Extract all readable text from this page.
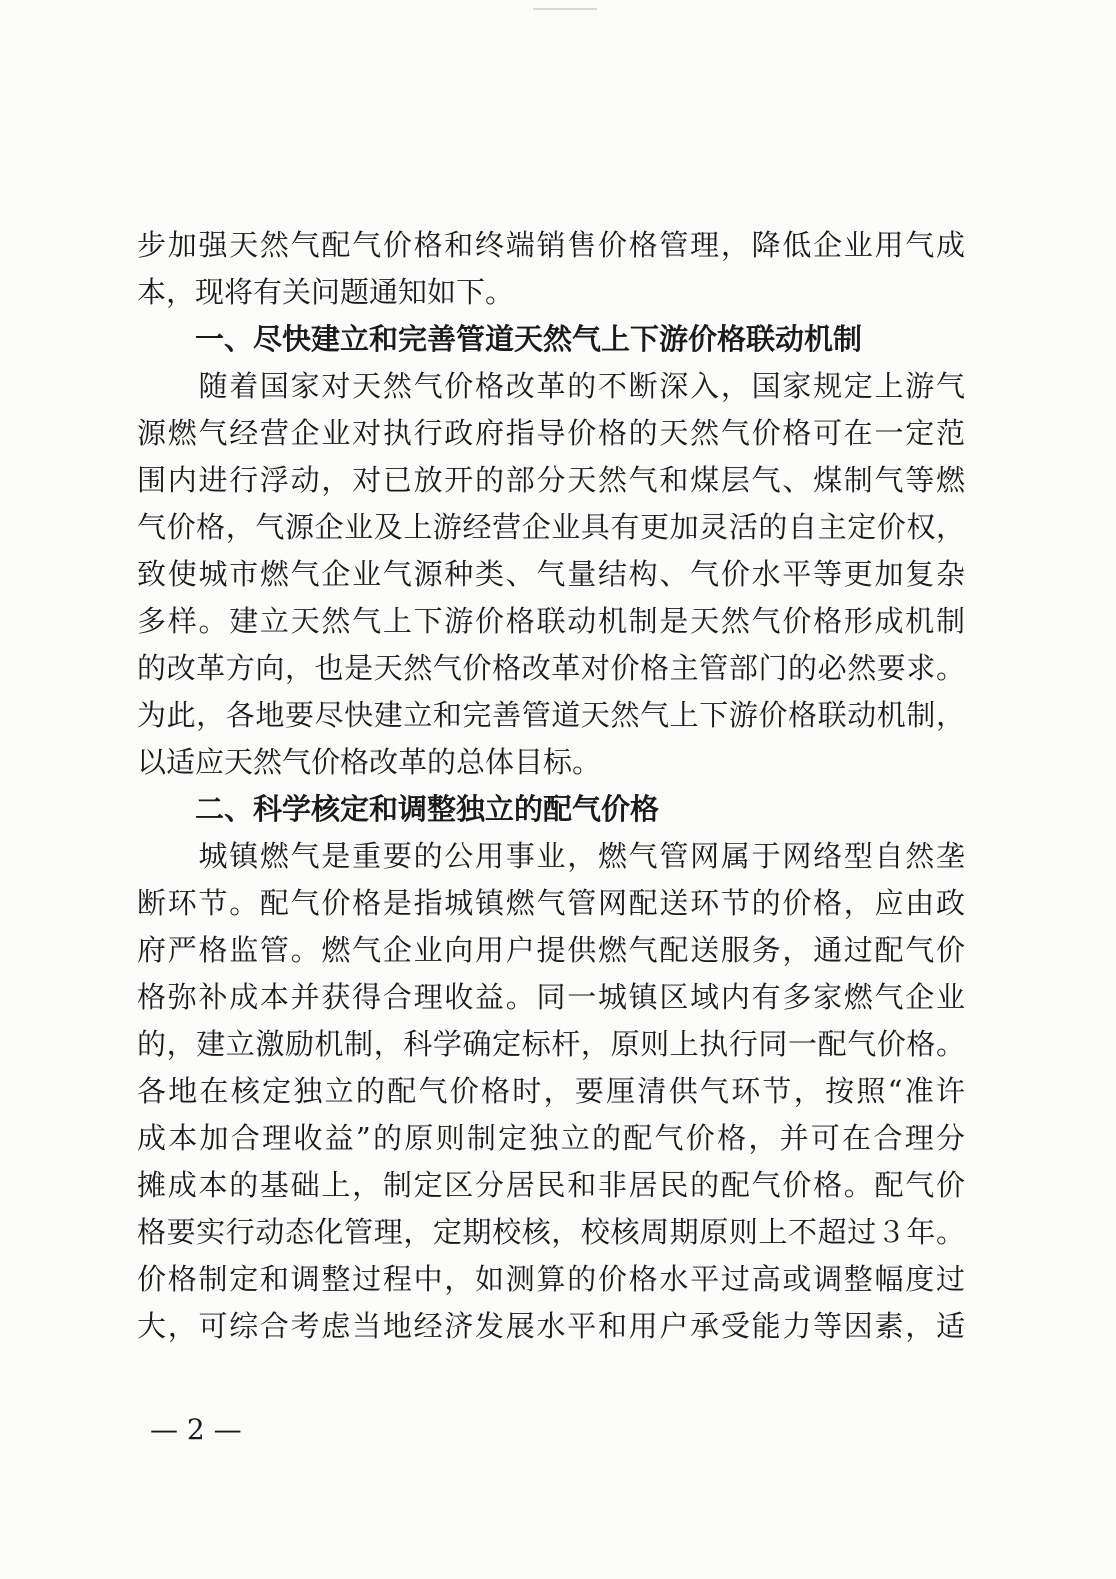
步加强天然气配气价格和终端销售价格管理，降低企业用气成
本，现将有关问题通知如下。
一、尽快建立和完善管道天然气上下游价格联动机制
　　随着国家对天然气价格改革的不断深入，国家规定上游气
源燃气经营企业对执行政府指导价格的天然气价格可在一定范
围内进行浮动，对已放开的部分天然气和煤层气、煤制气等燃
气价格，气源企业及上游经营企业具有更加灵活的自主定价权，
致使城市燃气企业气源种类、气量结构、气价水平等更加复杂
多样。建立天然气上下游价格联动机制是天然气价格形成机制
的改革方向，也是天然气价格改革对价格主管部门的必然要求。
为此，各地要尽快建立和完善管道天然气上下游价格联动机制，
以适应天然气价格改革的总体目标。
二、科学核定和调整独立的配气价格
　　城镇燃气是重要的公用事业，燃气管网属于网络型自然垄
断环节。配气价格是指城镇燃气管网配送环节的价格，应由政
府严格监管。燃气企业向用户提供燃气配送服务，通过配气价
格弥补成本并获得合理收益。同一城镇区域内有多家燃气企业
的，建立激励机制，科学确定标杆，原则上执行同一配气价格。
各地在核定独立的配气价格时，要厘清供气环节，按照“准许
成本加合理收益”的原则制定独立的配气价格，并可在合理分
摊成本的基础上，制定区分居民和非居民的配气价格。配气价
格要实行动态化管理，定期校核，校核周期原则上不超过３年。
价格制定和调整过程中，如测算的价格水平过高或调整幅度过
大，可综合考虑当地经济发展水平和用户承受能力等因素，适
— 2 —
